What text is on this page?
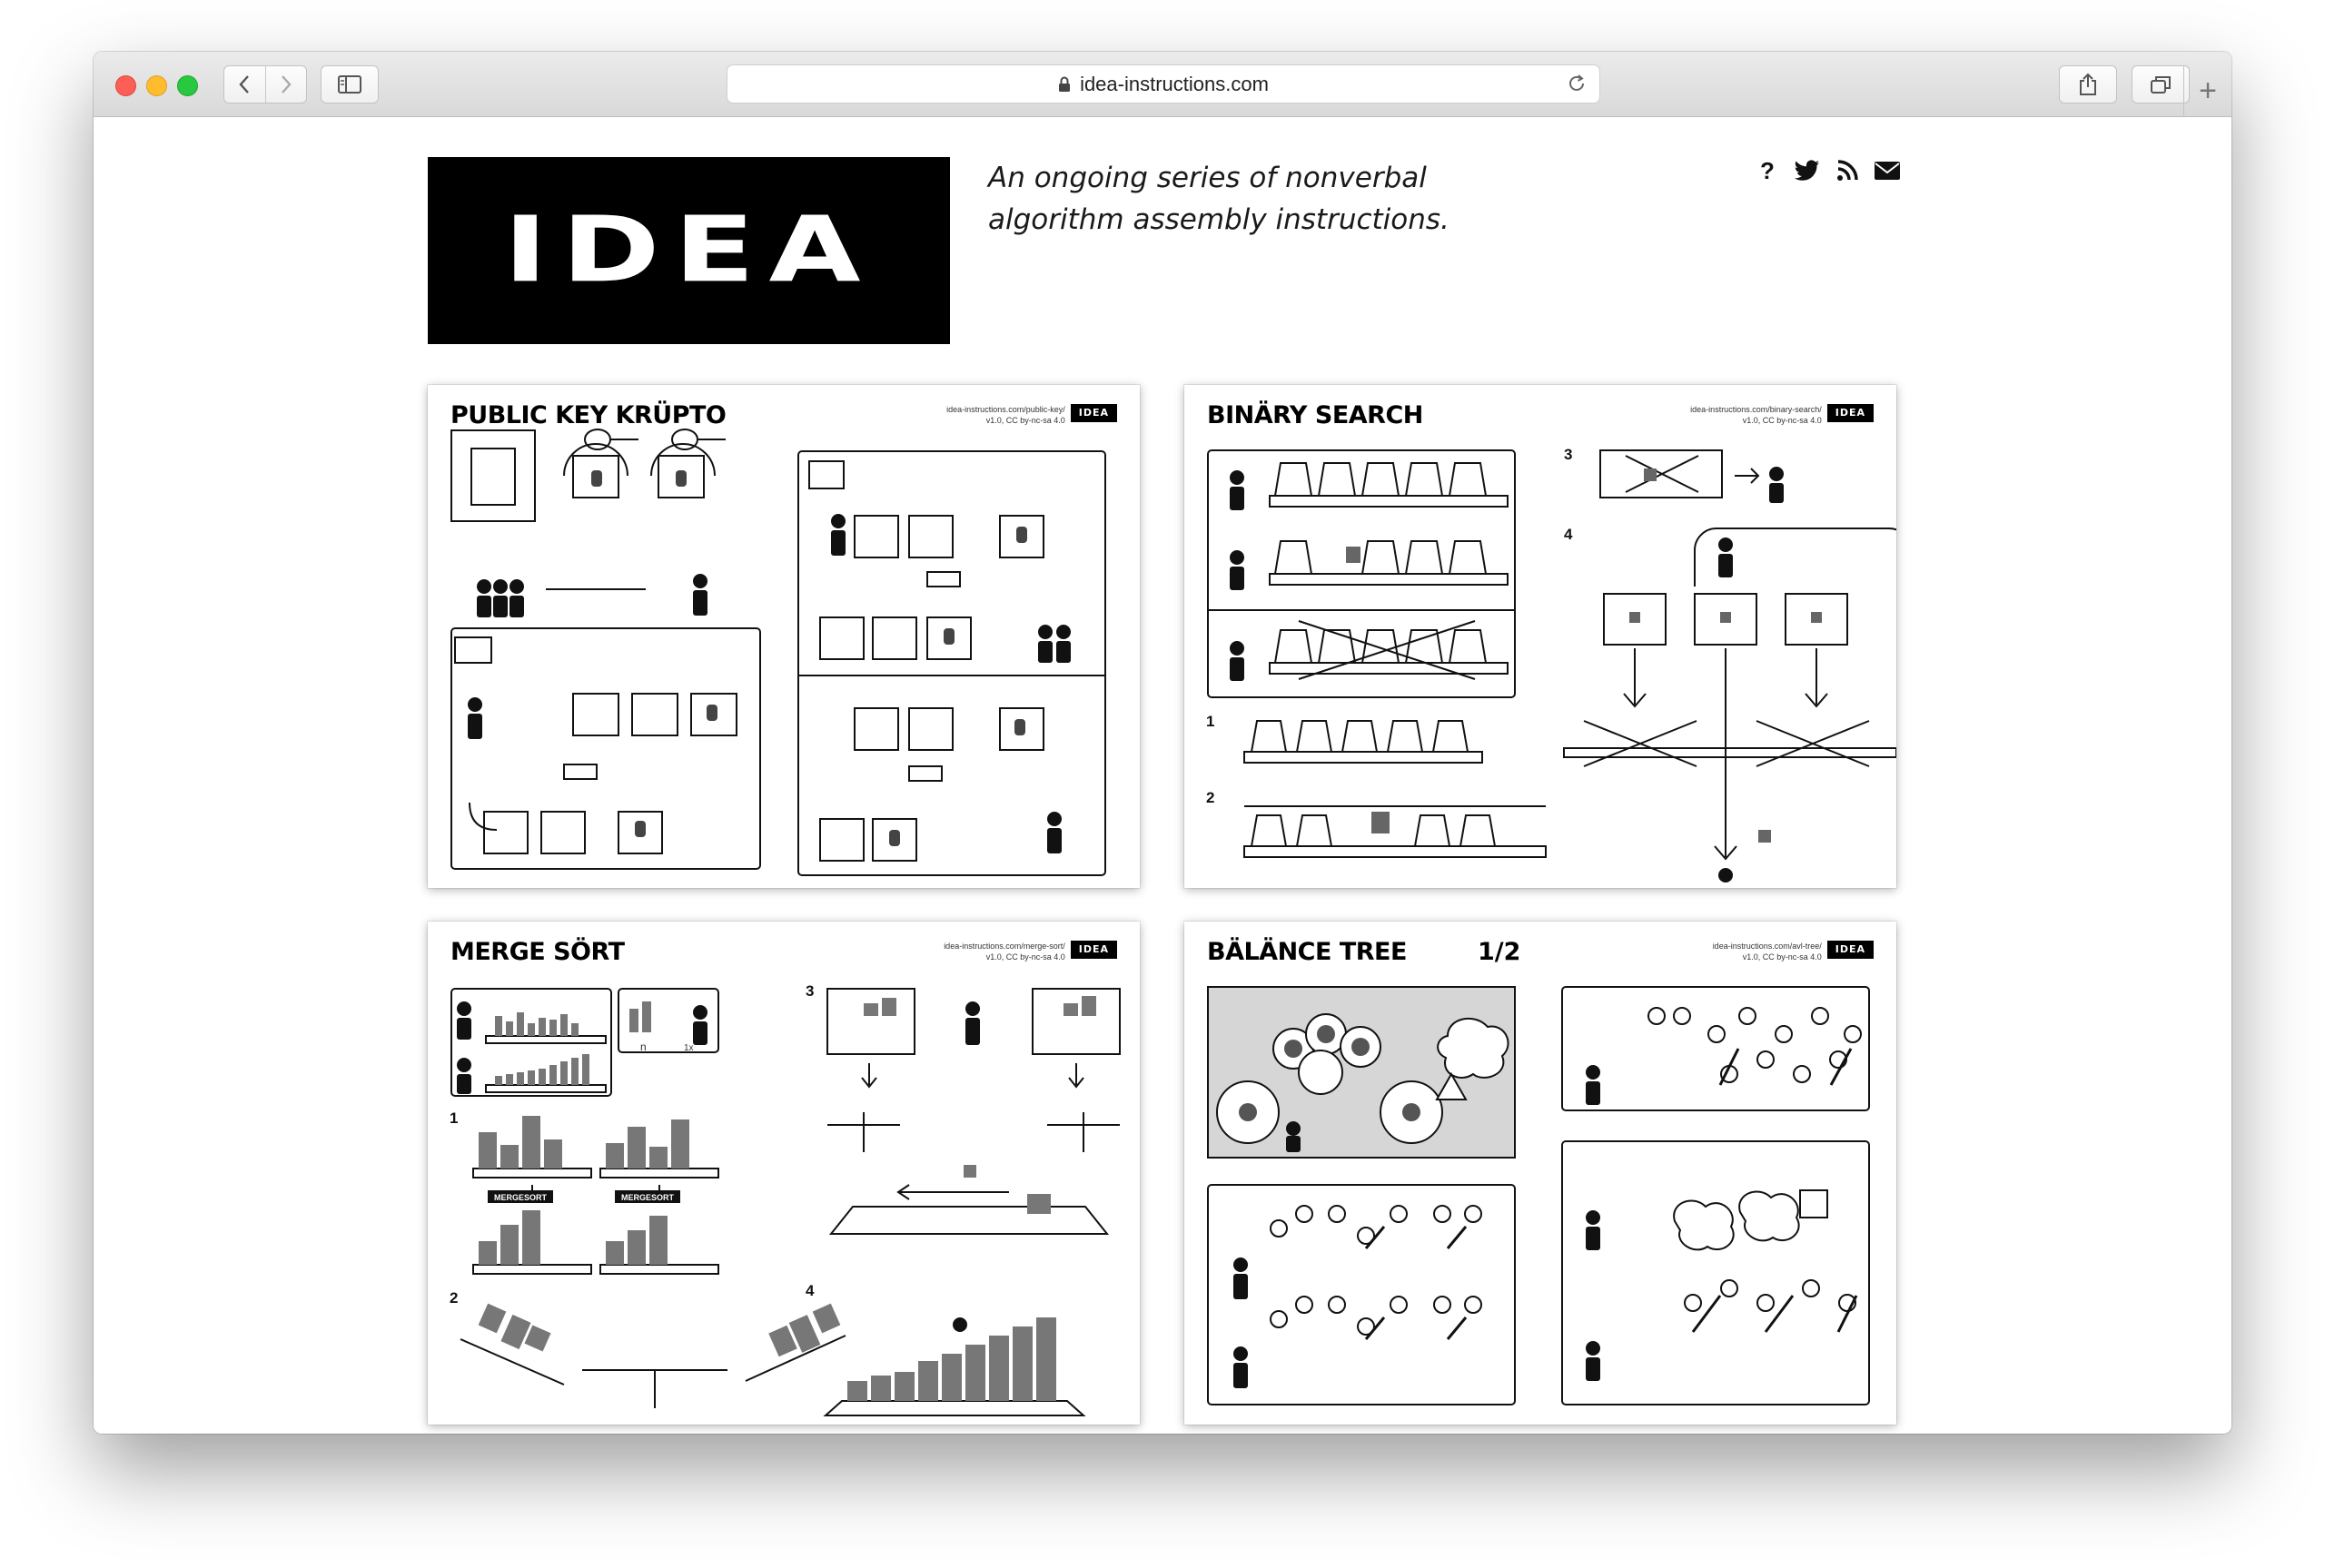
idea-instructions.com	+
IDEA
An ongoing series of nonverbal
algorithm assembly instructions.
?
PUBLIC KEY KRÜPTO	idea-instructions.com/public-key/
v1.0, CC by-nc-sa 4.0
IDEA	BINÄRY SEARCH	idea-instructions.com/binary-search/
v1.0, CC by-nc-sa 4.0
IDEA
3
4
1
2
MERGE SÖRT	idea-instructions.com/merge-sort/
v1.0, CC by-nc-sa 4.0
IDEA
1
2
3
4
MERGESORT	MERGESORT
n	1x
BÄLÄNCE TREE	1/2	idea-instructions.com/avl-tree/
v1.0, CC by-nc-sa 4.0
IDEA
